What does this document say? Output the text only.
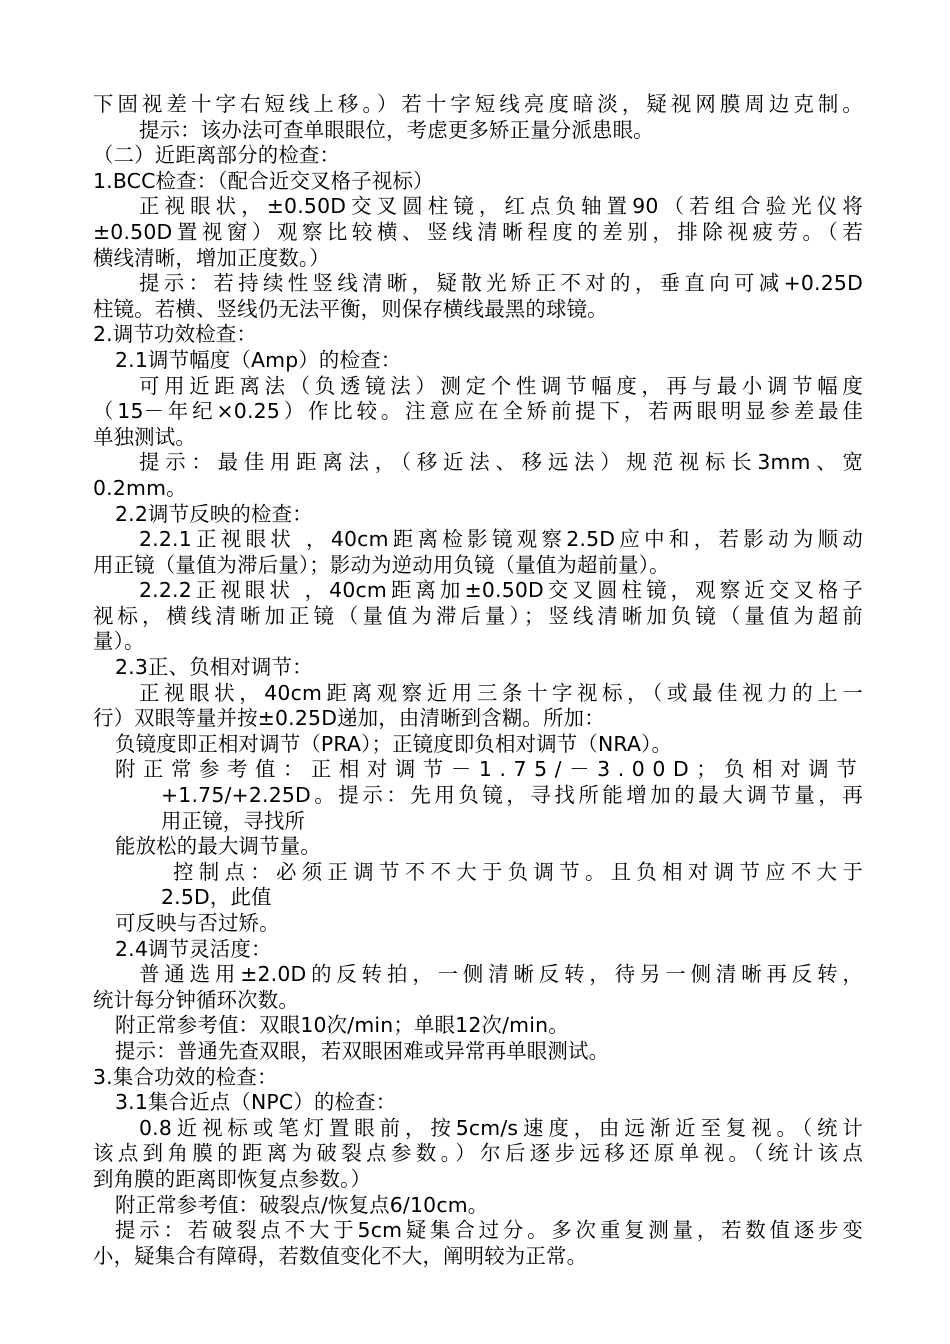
下固视差十字右短线上移。）若十字短线亮度暗淡，疑视网膜周边克制。
提示：该办法可查单眼眼位，考虑更多矫正量分派患眼。
（二）近距离部分的检查：
1.BCC检查：（配合近交叉格子视标）
正视眼状，±0.50D交叉圆柱镜，红点负轴置90（若组合验光仪将
±0.50D置视窗）观察比较横、竖线清晰程度的差别，排除视疲劳。（若
横线清晰，增加正度数。）
提示：若持续性竖线清晰，疑散光矫正不对的，垂直向可减+0.25D
柱镜。若横、竖线仍无法平衡，则保存横线最黑的球镜。
2.调节功效检查：
2.1调节幅度（Amp）的检查：
可用近距离法（负透镜法）测定个性调节幅度，再与最小调节幅度
（15－年纪×0.25）作比较。注意应在全矫前提下，若两眼明显参差最佳
单独测试。
提示：最佳用距离法，（移近法、移远法）规范视标长3mm、宽
0.2mm。
2.2调节反映的检查：
2.2.1正视眼状 ，40cm距离检影镜观察2.5D应中和，若影动为顺动
用正镜（量值为滞后量）；影动为逆动用负镜（量值为超前量）。
2.2.2正视眼状 ，40cm距离加±0.50D交叉圆柱镜，观察近交叉格子
视标，横线清晰加正镜（量值为滞后量）；竖线清晰加负镜（量值为超前
量）。
2.3正、负相对调节：
正视眼状，40cm距离观察近用三条十字视标，（或最佳视力的上一
行）双眼等量并按±0.25D递加，由清晰到含糊。所加：
负镜度即正相对调节（PRA）；正镜度即负相对调节（NRA）。
附正常参考值：正相对调节－1.75/－3.00D；负相对调节
+1.75/+2.25D。提示：先用负镜，寻找所能增加的最大调节量，再
用正镜，寻找所
能放松的最大调节量。
控制点：必须正调节不不大于负调节。且负相对调节应不大于
2.5D，此值
可反映与否过矫。
2.4调节灵活度：
普通选用±2.0D的反转拍，一侧清晰反转，待另一侧清晰再反转，
统计每分钟循环次数。
附正常参考值：双眼10次/min；单眼12次/min。
提示：普通先查双眼，若双眼困难或异常再单眼测试。
3.集合功效的检查：
3.1集合近点（NPC）的检查：
0.8近视标或笔灯置眼前，按5cm/s速度，由远渐近至复视。（统计
该点到角膜的距离为破裂点参数。）尔后逐步远移还原单视。（统计该点
到角膜的距离即恢复点参数。）
附正常参考值：破裂点/恢复点6/10cm。
提示：若破裂点不大于5cm疑集合过分。多次重复测量，若数值逐步变
小，疑集合有障碍，若数值变化不大，阐明较为正常。
